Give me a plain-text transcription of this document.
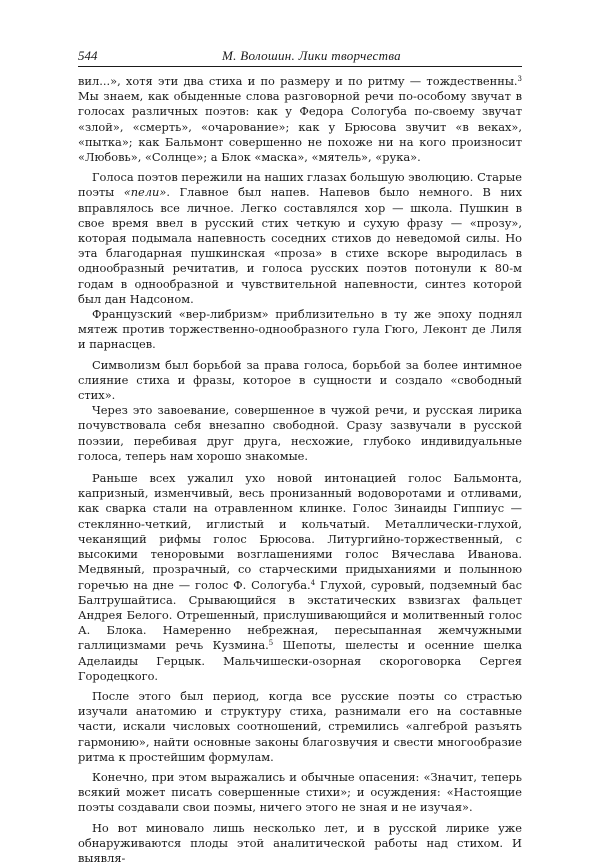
544	М. Волошин. Лики творчества

вил...», хотя эти два стиха и по размеру и по ритму — тождественны.$^3$ Мы знаем, как обыденные слова разговорной речи по-особому звучат в голосах различных поэтов: как у Федора Сологуба по-своему звучат «злой», «смерть», «очарование»; как у Брюсова звучит «в веках», «пытка»; как Бальмонт совершенно не похоже ни на кого произносит «Любовь», «Солнце»; а Блок «маска», «мятель», «рука».

Голоса поэтов пережили на наших глазах большую эволюцию. Старые поэты «пели». Главное был напев. Напевов было немного. В них вправлялось все личное. Легко составлялся хор — школа. Пушкин в свое время ввел в русский стих четкую и сухую фразу — «прозу», которая подымала напевность соседних стихов до неведомой силы. Но эта благодарная пушкинская «проза» в стихе вскоре выродилась в однообразный речитатив, и голоса русских поэтов потонули к 80-м годам в однообразной и чувствительной напевности, синтез которой был дан Надсоном.

Французский «вер-либризм» приблизительно в ту же эпоху поднял мятеж против торжественно-однообразного гула Гюго, Леконт де Лиля и парнасцев.

Символизм был борьбой за права голоса, борьбой за более интимное слияние стиха и фразы, которое в сущности и создало «свободный стих».

Через это завоевание, совершенное в чужой речи, и русская лирика почувствовала себя внезапно свободной. Сразу зазвучали в русской поэзии, перебивая друг друга, несхожие, глубоко индивидуальные голоса, теперь нам хорошо знакомые.

Раньше всех ужалил ухо новой интонацией голос Бальмонта, капризный, изменчивый, весь пронизанный водоворотами и отливами, как сварка стали на отравленном клинке. Голос Зинаиды Гиппиус — стеклянно-четкий, иглистый и кольчатый. Металлически-глухой, чеканящий рифмы голос Брюсова. Литургийно-торжественный, с высокими теноровыми возглашениями голос Вячеслава Иванова. Медвяный, прозрачный, со старческими придыханиями и полынною горечью на дне — голос Ф. Сологуба.$^4$ Глухой, суровый, подземный бас Балтрушайтиса. Срывающийся в экстатических взвизгах фальцет Андрея Белого. Отрешенный, прислушивающийся и молитвенный голос А. Блока. Намеренно небрежная, пересыпанная жемчужными галлицизмами речь Кузмина.$^5$ Шепоты, шелесты и осенние шелка Аделаиды Герцык. Мальчишески-озорная скороговорка Сергея Городецкого.

После этого был период, когда все русские поэты со страстью изучали анатомию и структуру стиха, разнимали его на составные части, искали числовых соотношений, стремились «алгеброй разъять гармонию», найти основные законы благозвучия и свести многообразие ритма к простейшим формулам.

Конечно, при этом выражались и обычные опасения: «Значит, теперь всякий может писать совершенные стихи»; и осуждения: «Настоящие поэты создавали свои поэмы, ничего этого не зная и не изучая».

Но вот миновало лишь несколько лет, и в русской лирике уже обнаруживаются плоды этой аналитической работы над стихом. И выявля-
